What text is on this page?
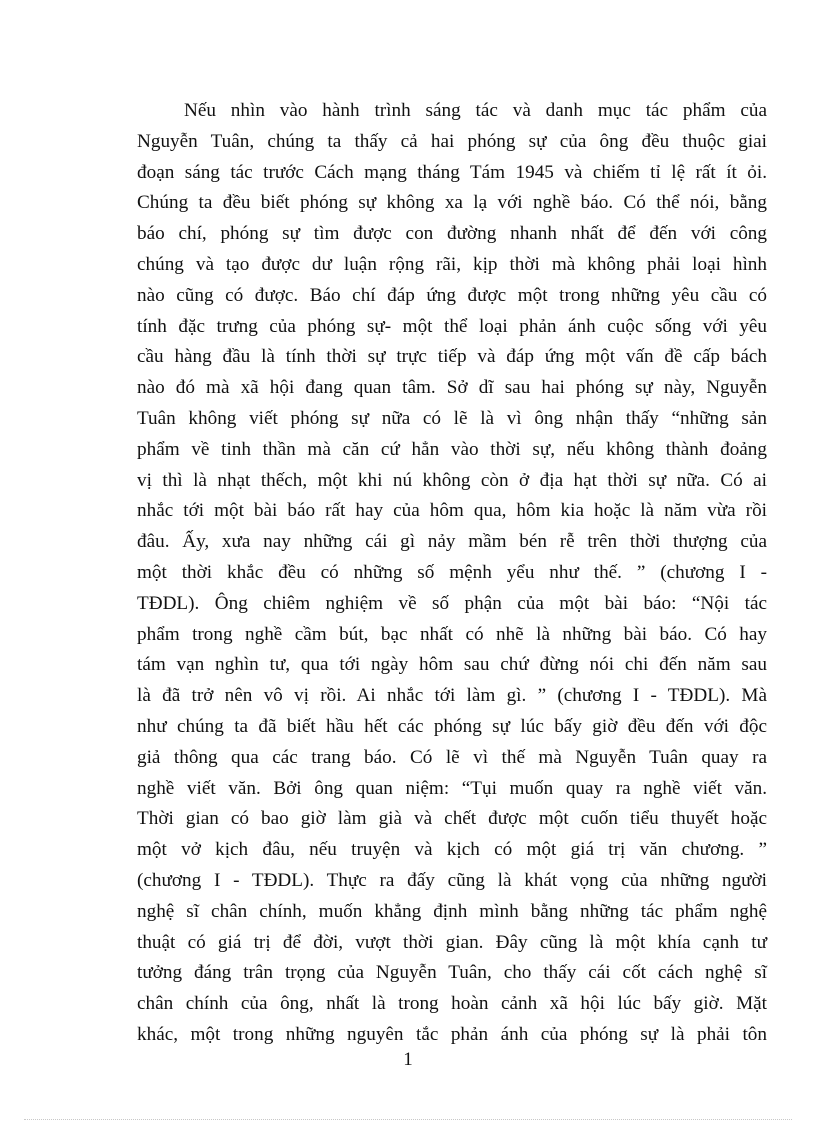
Nếu nhìn vào hành trình sáng tác và danh mục tác phẩm của
Nguyễn Tuân, chúng ta thấy cả hai phóng sự của ông đều thuộc giai
đoạn sáng tác trước Cách mạng tháng Tám 1945 và chiếm tỉ lệ rất ít ỏi.
Chúng ta đều biết phóng sự không xa lạ với nghề báo. Có thể nói, bằng
báo chí, phóng sự tìm được con đường nhanh nhất để đến với công
chúng và tạo được dư luận rộng rãi, kịp thời mà không phải loại hình
nào cũng có được. Báo chí đáp ứng được một trong những yêu cầu có
tính đặc trưng của phóng sự- một thể loại phản ánh cuộc sống với yêu
cầu hàng đầu là tính thời sự trực tiếp và đáp ứng một vấn đề cấp bách
nào đó mà xã hội đang quan tâm. Sở dĩ sau hai phóng sự này, Nguyễn
Tuân không viết phóng sự nữa có lẽ là vì ông nhận thấy “những sản
phẩm về tinh thần mà căn cứ hẳn vào thời sự, nếu không thành đoảng
vị thì là nhạt thếch, một khi nú không còn ở địa hạt thời sự nữa. Có ai
nhắc tới một bài báo rất hay của hôm qua, hôm kia hoặc là năm vừa rồi
đâu. Ấy, xưa nay những cái gì nảy mầm bén rễ trên thời thượng của
một thời khắc đều có những số mệnh yểu như thế. ” (chương I -
TĐDL). Ông chiêm nghiệm về số phận của một bài báo: “Nội tác
phẩm trong nghề cầm bút, bạc nhất có nhẽ là những bài báo. Có hay
tám vạn nghìn tư, qua tới ngày hôm sau chứ đừng nói chi đến năm sau
là đã trở nên vô vị rồi. Ai nhắc tới làm gì. ” (chương I - TĐDL). Mà
như chúng ta đã biết hầu hết các phóng sự lúc bấy giờ đều đến với độc
giả thông qua các trang báo. Có lẽ vì thế mà Nguyễn Tuân quay ra
nghề viết văn. Bởi ông quan niệm: “Tụi muốn quay ra nghề viết văn.
Thời gian có bao giờ làm già và chết được một cuốn tiểu thuyết hoặc
một vở kịch đâu, nếu truyện và kịch có một giá trị văn chương. ”
(chương I - TĐDL). Thực ra đấy cũng là khát vọng của những người
nghệ sĩ chân chính, muốn khẳng định mình bằng những tác phẩm nghệ
thuật có giá trị để đời, vượt thời gian. Đây cũng là một khía cạnh tư
tưởng đáng trân trọng của Nguyễn Tuân, cho thấy cái cốt cách nghệ sĩ
chân chính của ông, nhất là trong hoàn cảnh xã hội lúc bấy giờ. Mặt
khác, một trong những nguyên tắc phản ánh của phóng sự là phải tôn
1
